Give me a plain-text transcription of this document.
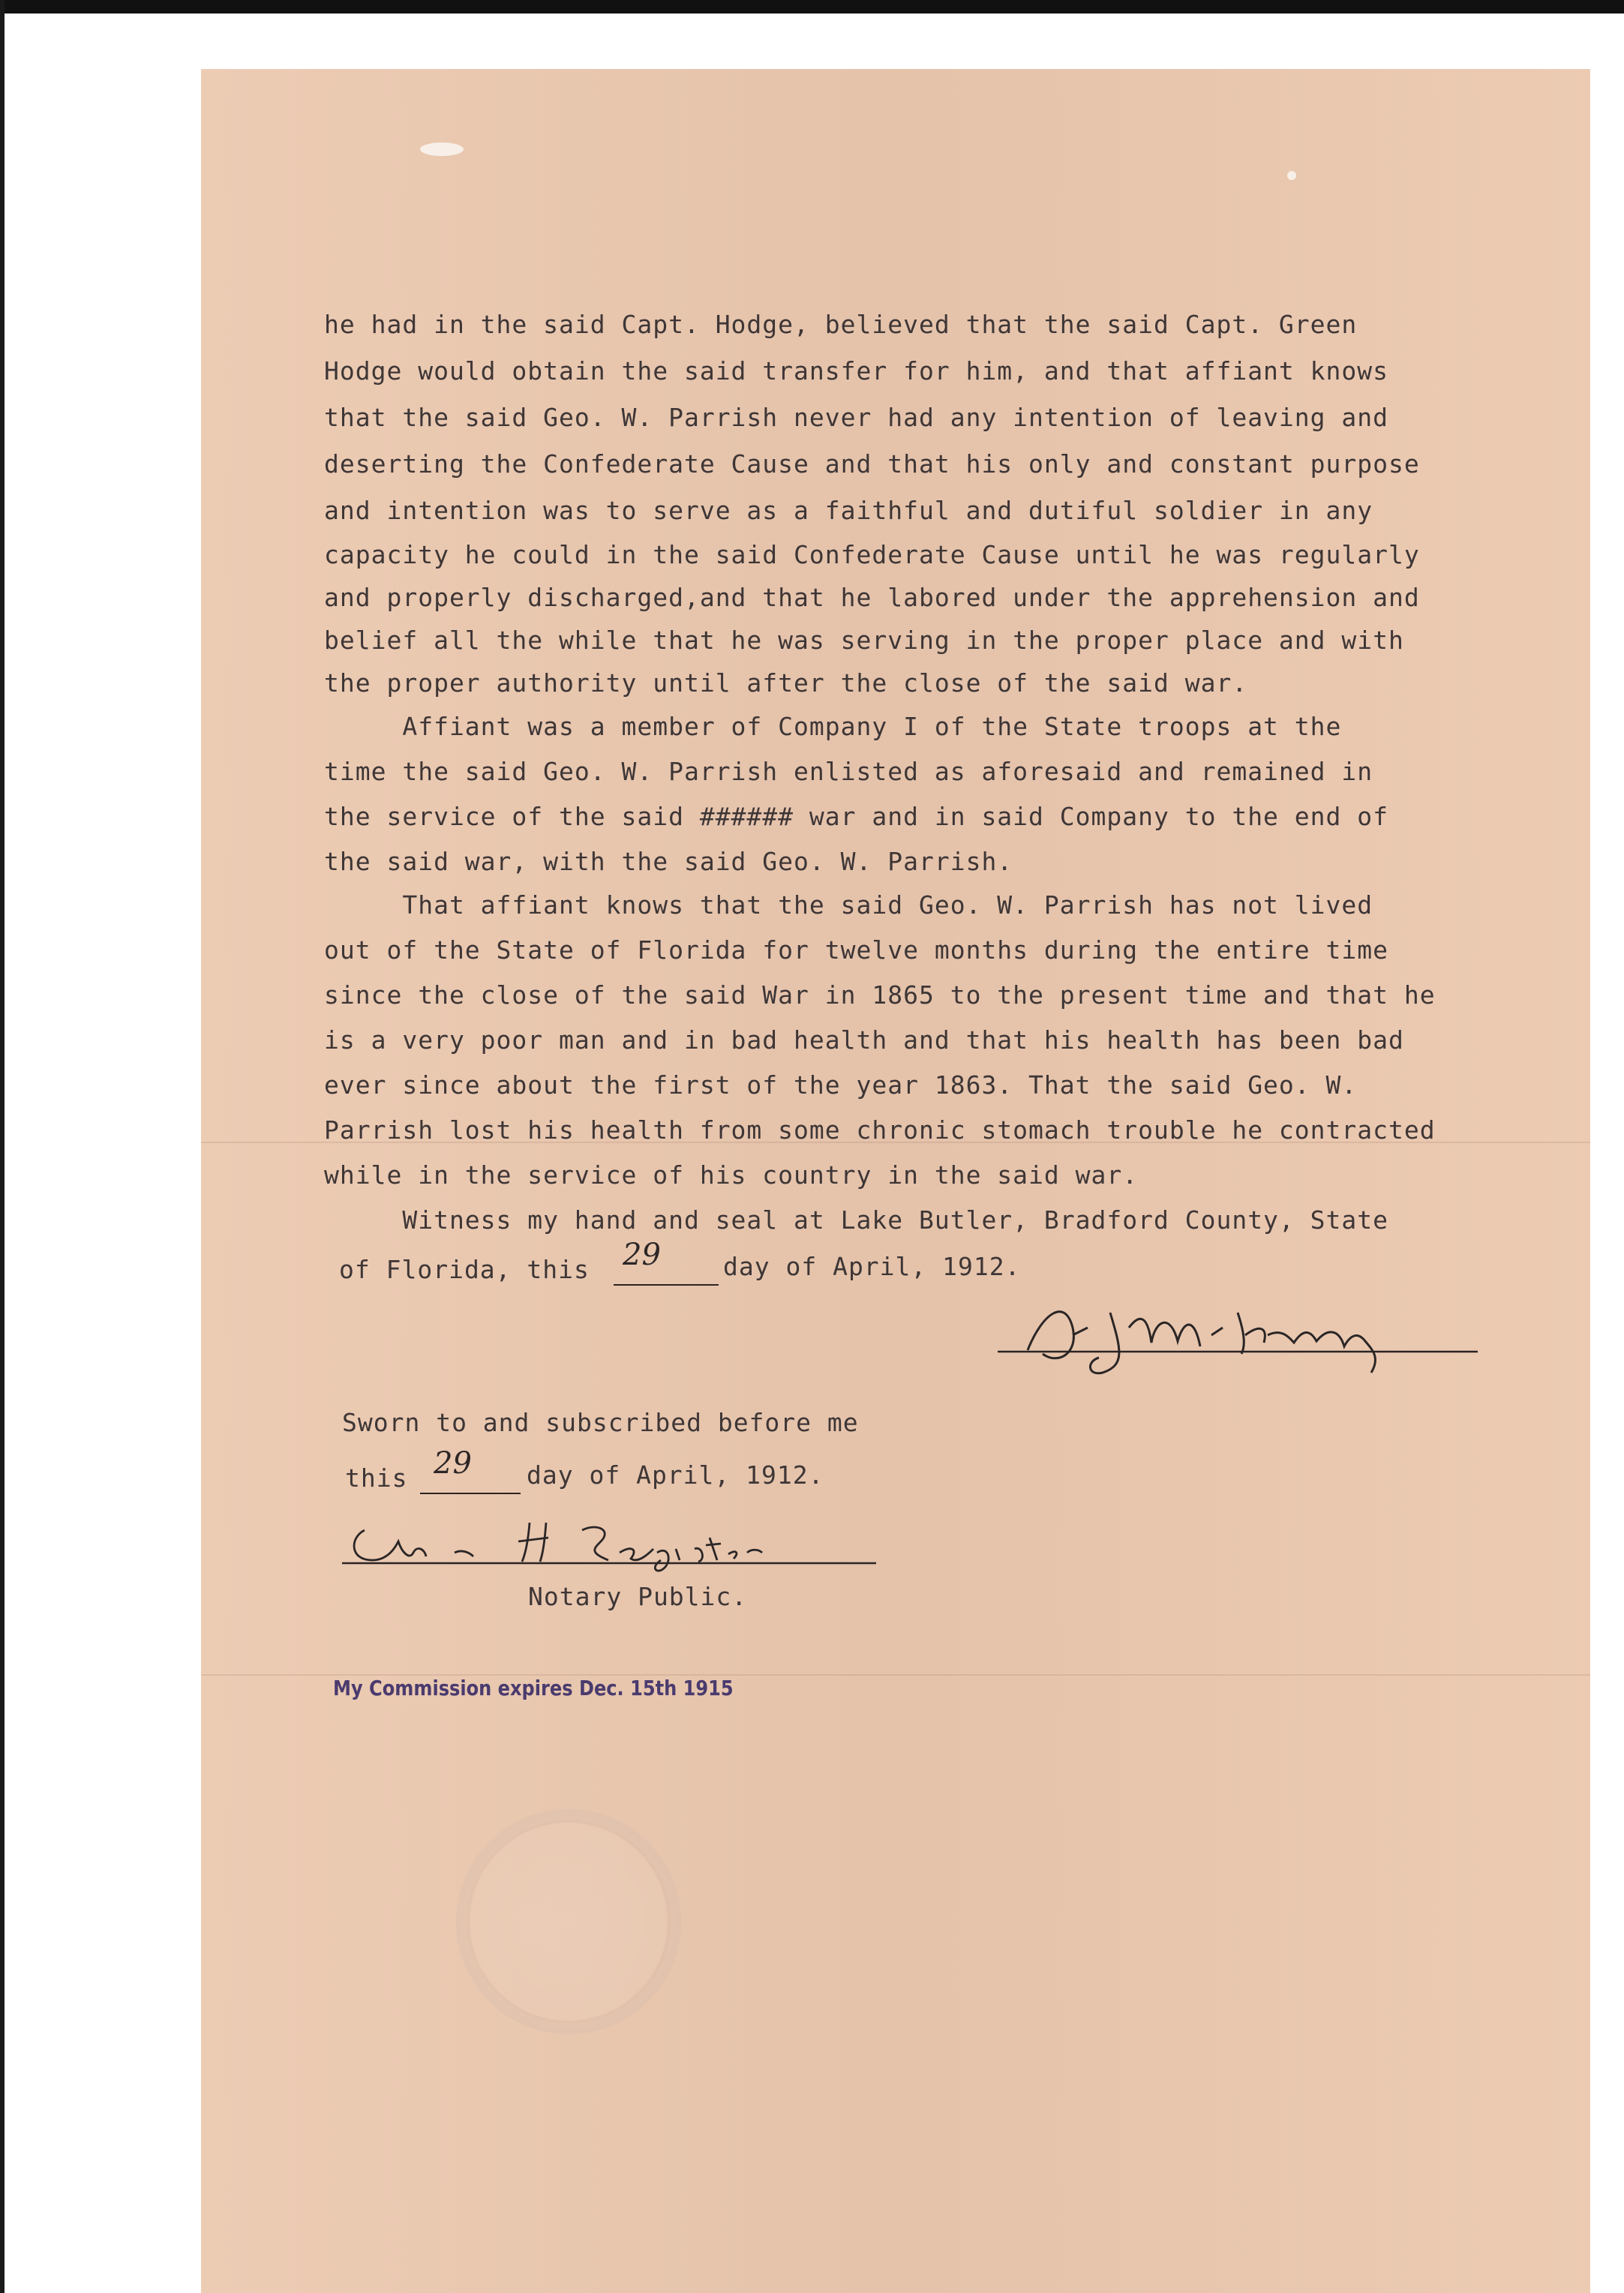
he had in the said Capt. Hodge, believed that the said Capt. Green
Hodge would obtain the said transfer for him, and that affiant knows
that the said Geo. W. Parrish never had any intention of leaving and
deserting the Confederate Cause and that his only and constant purpose
and intention was to serve as a faithful and dutiful soldier in any
capacity he could in the said Confederate Cause until he was regularly
and properly discharged,and that he labored under the apprehension and
belief all the while that he was serving in the proper place and with
the proper authority until after the close of the said war.
Affiant was a member of Company I of the State troops at the
time the said Geo. W. Parrish enlisted as aforesaid and remained in
the service of the said ###### war and in said Company to the end of
the said war, with the said Geo. W. Parrish.
That affiant knows that the said Geo. W. Parrish has not lived
out of the State of Florida for twelve months during the entire time
since the close of the said War in 1865 to the present time and that he
is a very poor man and in bad health and that his health has been bad
ever since about the first of the year 1863. That the said Geo. W.
Parrish lost his health from some chronic stomach trouble he contracted
while in the service of his country in the said war.
Witness my hand and seal at Lake Butler, Bradford County, State
of Florida, this 29	day of April, 1912.
Sworn to and subscribed before me
this 29 day of April, 1912.
Notary Public.
My Commission expires Dec. 15th 1915
